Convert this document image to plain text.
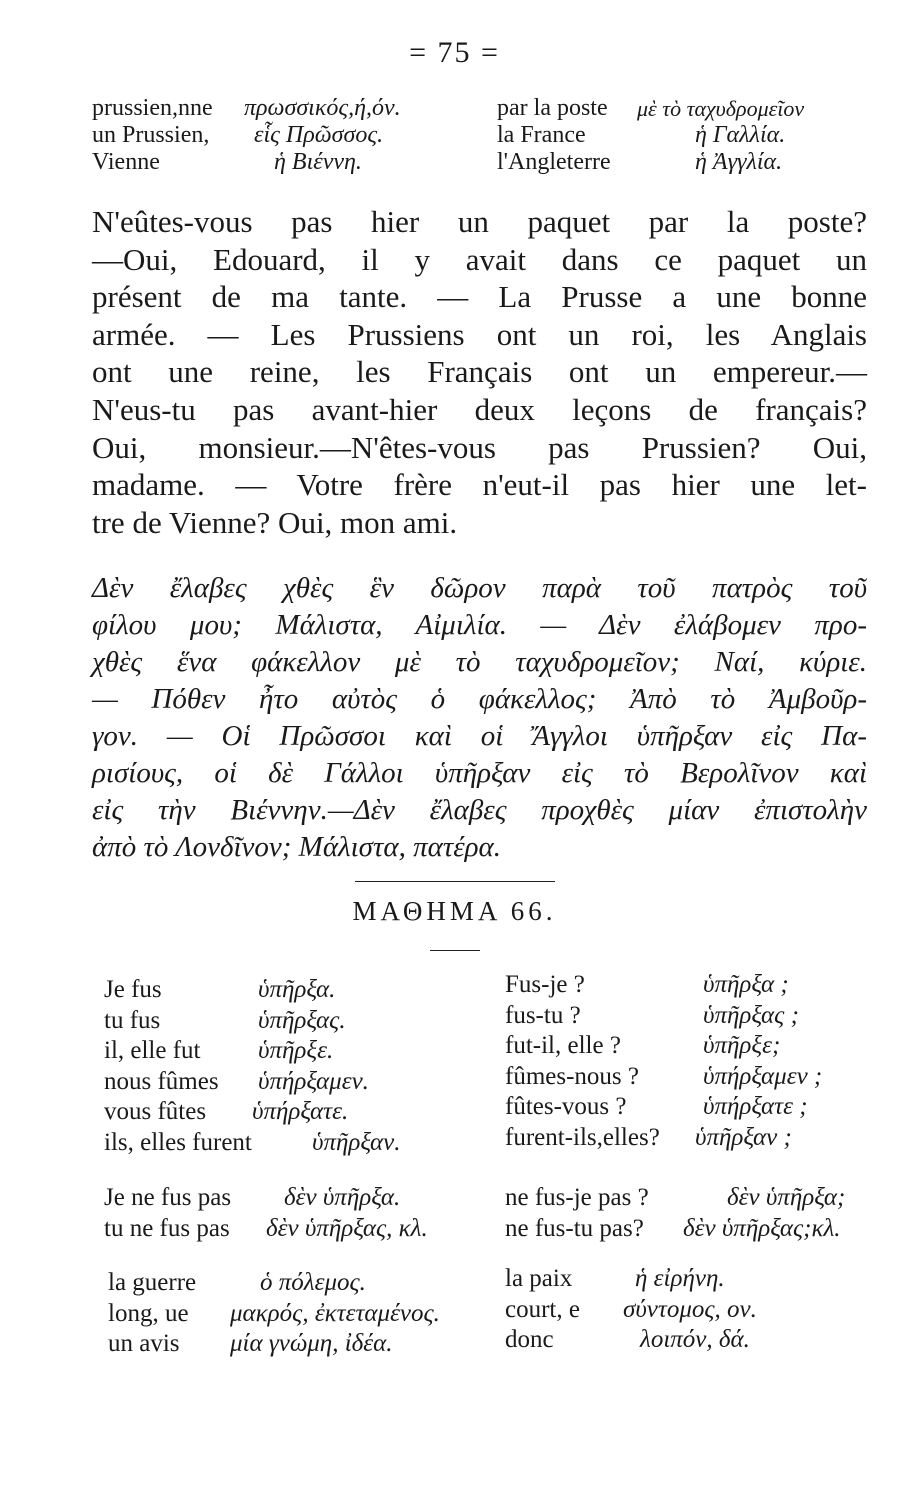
= 75 =
prussien,nne πρωσσικός,ή,όν.
un Prussien, εἷς Πρῶσσος.
Vienne	ἡ Βιέννη.
par la poste μὲ τὸ ταχυδρομεῖον
la France	ἡ Γαλλία.
l'Angleterre	ἡ Ἀγγλία.
N'eûtes-vous pas hier un paquet par la poste?
—Oui, Edouard, il y avait dans ce paquet un
présent de ma tante. — La Prusse a une bonne
armée. — Les Prussiens ont un roi, les Anglais
ont une reine, les Français ont un empereur.—
N'eus-tu pas avant-hier deux leçons de français?
Oui, monsieur.—N'êtes-vous pas Prussien? Oui,
madame. — Votre frère n'eut-il pas hier une let-
tre de Vienne? Oui, mon ami.
Δὲν ἔλαβες χθὲς ἓν δῶρον παρὰ τοῦ πατρὸς τοῦ
φίλου μου; Μάλιστα, Αἰμιλία. — Δὲν ἐλάβομεν προ-
χθὲς ἕνα φάκελλον μὲ τὸ ταχυδρομεῖον; Ναί, κύριε.
— Πόθεν ἦτο αὐτὸς ὁ φάκελλος; Ἀπὸ τὸ Ἀμβοῦρ-
γον. — Οἱ Πρῶσσοι καὶ οἱ Ἄγγλοι ὑπῆρξαν εἰς Πα-
ρισίους, οἱ δὲ Γάλλοι ὑπῆρξαν εἰς τὸ Βερολῖνον καὶ
εἰς τὴν Βιέννην.—Δὲν ἔλαβες προχθὲς μίαν ἐπιστολὴν
ἀπὸ τὸ Λονδῖνον; Μάλιστα, πατέρα.
ΜΑΘΗΜΑ 66.
Je fus	ὑπῆρξα.
tu fus	ὑπῆρξας.
il, elle fut ὑπῆρξε.
nous fûmes ὑπήρξαμεν.
vous fûtes ὑπήρξατε.
ils, elles furent ὑπῆρξαν.
Fus-je ?	ὑπῆρξα ;
fus-tu ?	ὑπῆρξας ;
fut-il, elle ?	ὑπῆρξε;
fûmes-nous ?	ὑπήρξαμεν ;
fûtes-vous ?	ὑπήρξατε ;
furent-ils,elles? ὑπῆρξαν ;
Je ne fus pas δὲν ὑπῆρξα.
tu ne fus pas δὲν ὑπῆρξας, κλ.
ne fus-je pas ?	δὲν ὑπῆρξα;
ne fus-tu pas? δὲν ὑπῆρξας;κλ.
la guerre	ὁ πόλεμος.
long, ue μακρός, ἐκτεταμένος.
un avis μία γνώμη, ἰδέα.
la paix	ἡ εἰρήνη.
court, e σύντομος, ον.
donc	λοιπόν, δά.
